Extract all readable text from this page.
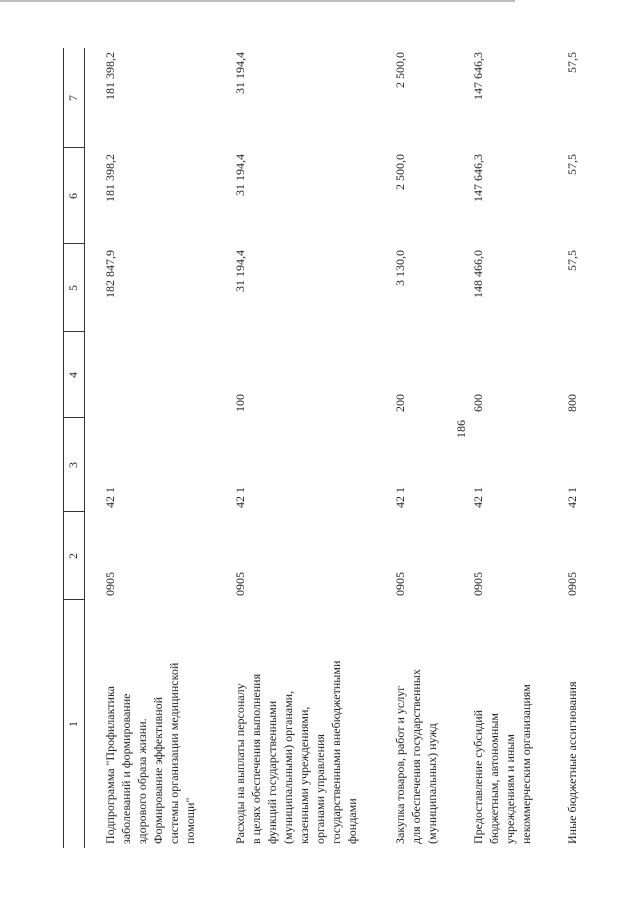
186
1
2
3
4
5
6
7
Подпрограмма "Профилактика
заболеваний и формирование
здорового образа жизни.
Формирование эффективной
системы организации медицинской
помощи"
0905
42 1
182 847,9
181 398,2
181 398,2
Расходы на выплаты персоналу
в целях обеспечения выполнения
функций государственными
(муниципальными) органами,
казенными учреждениями,
органами управления
государственными внебюджетными
фондами
0905
42 1
100
31 194,4
31 194,4
31 194,4
Закупка товаров, работ и услуг
для обеспечения государственных
(муниципальных) нужд
0905
42 1
200
3 130,0
2 500,0
2 500,0
Предоставление субсидий
бюджетным, автономным
учреждениям и иным
некоммерческим организациям
0905
42 1
600
148 466,0
147 646,3
147 646,3
Иные бюджетные ассигнования
0905
42 1
800
57,5
57,5
57,5
